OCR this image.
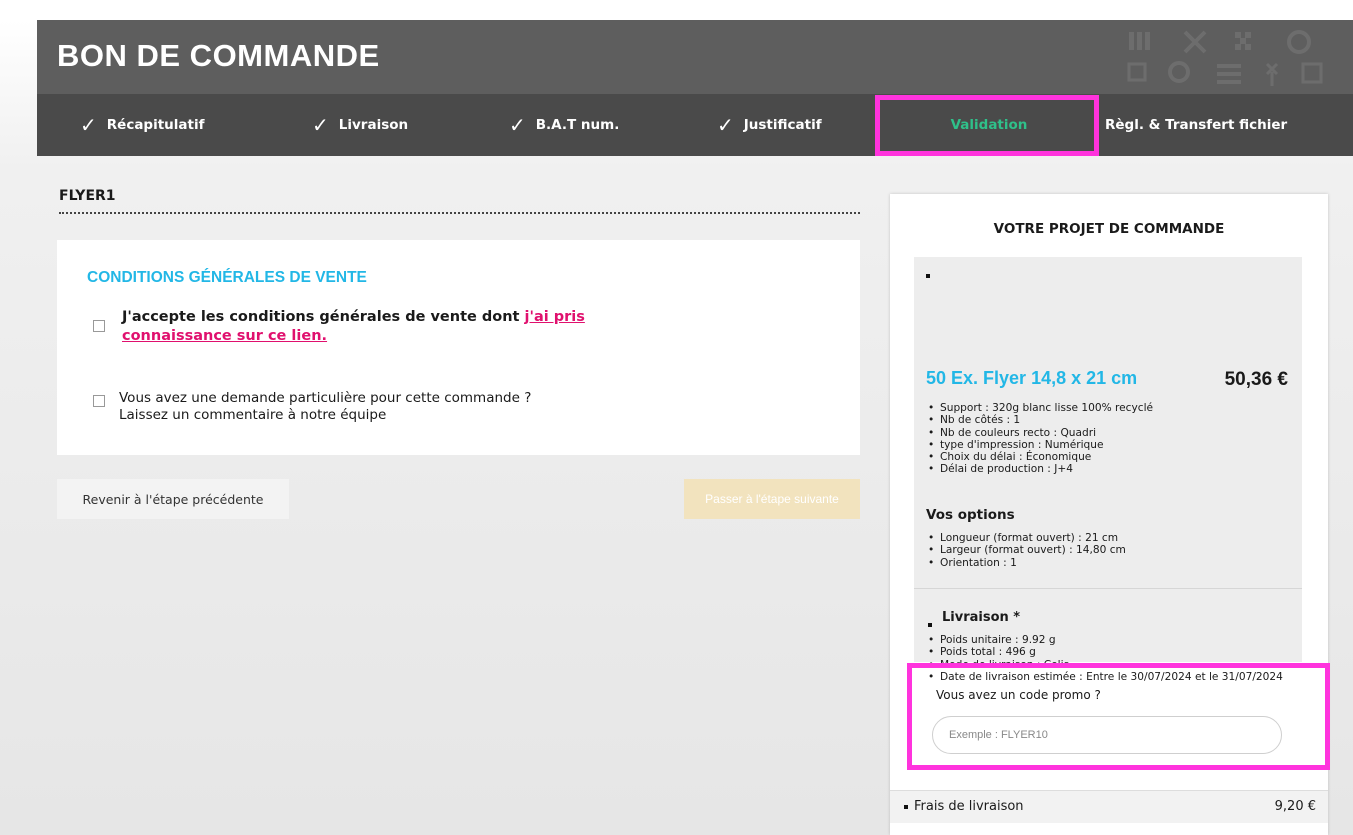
BON DE COMMANDE
✓ Récapitulatif	✓ Livraison	✓ B.A.T num.	✓ Justificatif	Validation	Règl. & Transfert fichier
FLYER1
CONDITIONS GÉNÉRALES DE VENTE
J'accepte les conditions générales de vente dont j'ai pris connaissance sur ce lien.
Vous avez une demande particulière pour cette commande ?
Laissez un commentaire à notre équipe
Revenir à l'étape précédente	Passer à l'étape suivante
VOTRE PROJET DE COMMANDE
50 Ex. Flyer 14,8 x 21 cm	50,36 €
• Support : 320g blanc lisse 100% recyclé
• Nb de côtés : 1
• Nb de couleurs recto : Quadri
• type d'impression : Numérique
• Choix du délai : Économique
• Délai de production : J+4
Vos options
• Longueur (format ouvert) : 21 cm
• Largeur (format ouvert) : 14,80 cm
• Orientation : 1
Livraison *
• Poids unitaire : 9.92 g
• Poids total : 496 g
• Mode de livraison : Colis
• Date de livraison estimée : Entre le 30/07/2024 et le 31/07/2024
Vous avez un code promo ?
Exemple : FLYER10
Frais de livraison	9,20 €
